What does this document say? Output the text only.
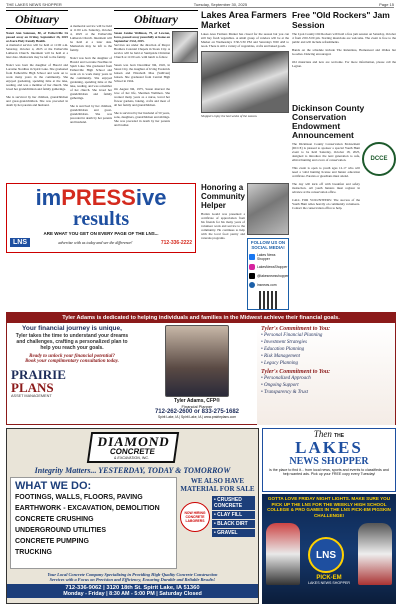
THE LAKES NEWS SHOPPER	Tuesday, September 30, 2025	Page 15
Obituary
Nanci Ann Solomon, 80, of Estherville IA passed away on Friday, September 26, 2025 at Avera Holy Family Health.
A memorial service will be held at 11:00 a.m. Saturday, October 4, 2025 at the Estherville Lutheran Church. Interment will be held at a later date. Memorials may be left to the family.

Nanci was born the daughter of Harold and Lorraine Nordhus in Spirit Lake. She graduated from Estherville High School and went on to work many years in the community. She enjoyed gardening, spending time at the lake, reading, and was a member of her church. She loved her grandchildren and family gatherings.

She is survived by her children, grandchildren and great-grandchildren. She was preceded in death by her parents and husband.
A memorial service will be held at 11:00 a.m. Saturday, October 4, 2025 at the Estherville Lutheran Church. Interment will be held at a later date. Memorials may be left to the family.

Nanci was born the daughter of Harold and Lorraine Nordhus in Spirit Lake. She graduated from Estherville High School and went on to work many years in the community. She enjoyed gardening, spending time at the lake, reading, and was a member of her church. She loved her grandchildren and family gatherings.

She is survived by her children, grandchildren and great-grandchildren. She was preceded in death by her parents and husband.
Obituary
Susan Janine Wellmon, 79, of Lawton, Iowa, passed away peacefully at home on September 23rd, 2025.
Services are under the direction of Meyer Brothers Colonial Chapels in Sioux City. A service will be held at Sunnyside Christian Church at 11:00 a.m. with lunch to follow.

Susan was born December 9th, 1945, in Sioux City, the daughter of Irving Frederick Jensen and Elizabeth Mae (Sullivan) Jensen. She graduated from Central High School in 1964.

On August 9th, 1975, Susan married the love of her life, Sherman Wellmon. She worked many years as a nurse, loved her flower gardens, baking, crafts and most of all her family and grandchildren.

She is survived by her husband of 50 years, sons, daughters, grandchildren and siblings. She was preceded in death by her parents and brother.
Lakes Area Farmers Market
Lakes Area Farmers Market has closed for the season but you can still buy fresh vegetables. A small group of vendors will be at the Market on Wednesdays 3:30-5:30 PM and Saturdays 8:00 AM to noon. There is still a variety of vegetables, crafts and baked goods.
Shoppers enjoy the last weeks of the season.
Free "Old Rockers" Jam Session
The Lyon County Old Rockers will hold a free jam session on Saturday, October 4 from 2:00-5:00 pm. Starting musicians are welcome. The event is free to the public and will include refreshments.

Bands on the schedule include The Relentless, Homestead and Oldies but Goodies. Dancing encouraged.

Old musicians and new are welcome. For more information, please call the Legion.
Honoring a Community Helper
Harlan Gould was presented a certificate of appreciation from his friends for his many years of volunteer work and service to the community. He continues to help with the local food pantry and veterans programs.
FOLLOW US ON SOCIAL MEDIA!
Lakes News Shopper
LakesNewsShopper
@lakesnewsshopper
lnsnews.com
Dickinson County Conservation Endowment Announcement
The Dickinson County Conservation Endowment (DCCE) is pleased to sponsor a special Youth Hunt event to be held Saturday, October 18, 2025, designed to introduce the next generation to safe, ethical hunting and a love of conservation.

This event is open to youth ages 12-17 who will need a valid hunting license and hunter education certificate. Parents or guardians must attend.

The day will kick off with breakfast and safety instruction. All youth hunters must register in advance at the conservation office.

CALL FOR VOLUNTEERS: The success of the Youth Hunt relies heavily on community volunteers. Contact the conservation office to help.
DCCE
imPRESSive
results
ARE WHAT YOU GET ON EVERY PAGE OF THE LNS...
LNS	advertise with us today and see the difference!	712-336-2222
Tyler Adams is dedicated to helping individuals and families in the Midwest achieve their financial goals.
Your financial journey is unique,
Tyler takes the time to understand your dreams and challenges, crafting a personalized plan to help you reach your goals.
Ready to unlock your financial potential?
Book your complimentary consultation today.
PRAIRIE
PLANS
ASSET MANAGEMENT
Tyler Adams, CFP®
Financial Planner
712-262-2600 or 833-275-1682
Spirit Lake, IA | Spirit Lake, IA | www.prairieplans.com
Tyler's Commitment to You:
• Personal Financial Planning
• Investment Strategies
• Education Planning
• Risk Management
• Legacy Planning
Tyler's Commitment to You:
• Personalized Approach
• Ongoing Support
• Transparency & Trust
DIAMOND
CONCRETE
& EXCAVATION, INC.
Integrity Matters... YESTERDAY, TODAY & TOMORROW
WHAT WE DO:
FOOTINGS, WALLS, FLOORS, PAVING
EARTHWORK - EXCAVATION, DEMOLITION
CONCRETE CRUSHING
UNDERGROUND UTILITIES
CONCRETE PUMPING
TRUCKING
WE ALSO HAVE MATERIAL FOR SALE
NOW HIRING
CONCRETE
LABORERS
• CRUSHED CONCRETE
• CLAY FILL
• BLACK DIRT
• GRAVEL
Your Local Concrete Company Specializing in Providing High-Quality Concrete Construction
Services with a Focus on Precision and Efficiency, Ensuring Durable and Reliable Results!
712-336-9062 | 3120 18th St. Spirit Lake, IA 51360
Monday - Friday | 8:30 AM - 5:00 PM | Saturday Closed
Then THE
LAKES
NEWS SHOPPER
is the place to find it... from local news, sports and events to classifieds and help wanted ads. Pick up your FREE copy every Tuesday!
GOTTA LOVE FRIDAY NIGHT LIGHTS. MAKE SURE YOU PICK UP THE LNS FOR THE WEEKLY HIGH SCHOOL COLLEGE & PRO GAMES IN THE LNS PICK-EM PIGSKIN CHALLENGE!
LNS
PICK-EM
LAKES NEWS SHOPPER
